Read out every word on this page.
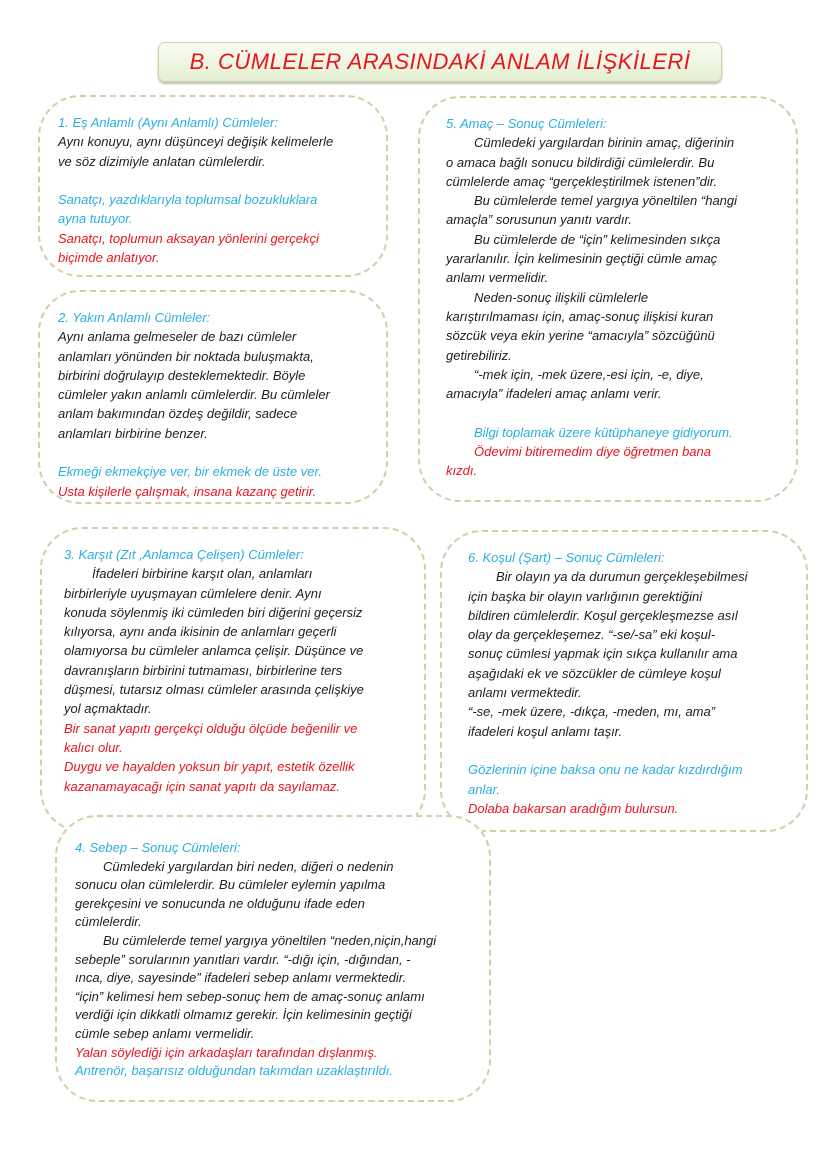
B. CÜMLELER ARASINDAKİ ANLAM İLİŞKİLERİ
1. Eş Anlamlı (Aynı Anlamlı) Cümleler:
Aynı konuyu, aynı düşünceyi değişik kelimelerle
ve söz dizimiyle anlatan cümlelerdir.
Sanatçı, yazdıklarıyla toplumsal bozukluklara
ayna tutuyor.
Sanatçı, toplumun aksayan yönlerini gerçekçi
biçimde anlatıyor.
2. Yakın Anlamlı Cümleler:
Aynı anlama gelmeseler de bazı cümleler
anlamları yönünden bir noktada buluşmakta,
birbirini doğrulayıp desteklemektedir. Böyle
cümleler yakın anlamlı cümlelerdir. Bu cümleler
anlam bakımından özdeş değildir, sadece
anlamları birbirine benzer.
Ekmeği ekmekçiye ver, bir ekmek de üste ver.
Usta kişilerle çalışmak, insana kazanç getirir.
5. Amaç – Sonuç Cümleleri:
Cümledeki yargılardan birinin amaç, diğerinin
o amaca bağlı sonucu bildirdiği cümlelerdir. Bu
cümlelerde amaç “gerçekleştirilmek istenen”dir.
Bu cümlelerde temel yargıya yöneltilen “hangi
amaçla” sorusunun yanıtı vardır.
Bu cümlelerde de “için” kelimesinden sıkça
yararlanılır. İçin kelimesinin geçtiği cümle amaç
anlamı vermelidir.
Neden-sonuç ilişkili cümlelerle
karıştırılmaması için, amaç-sonuç ilişkisi kuran
sözcük veya ekin yerine “amacıyla” sözcüğünü
getirebiliriz.
“-mek için, -mek üzere,-esi için, -e, diye,
amacıyla” ifadeleri amaç anlamı verir.
Bilgi toplamak üzere kütüphaneye gidiyorum.
Ödevimi bitiremedim diye öğretmen bana
kızdı.
3. Karşıt (Zıt ,Anlamca Çelişen) Cümleler:
İfadeleri birbirine karşıt olan, anlamları
birbirleriyle uyuşmayan cümlelere denir. Aynı
konuda söylenmiş iki cümleden biri diğerini geçersiz
kılıyorsa, aynı anda ikisinin de anlamları geçerli
olamıyorsa bu cümleler anlamca çelişir. Düşünce ve
davranışların birbirini tutmaması, birbirlerine ters
düşmesi, tutarsız olması cümleler arasında çelişkiye
yol açmaktadır.
Bir sanat yapıtı gerçekçi olduğu ölçüde beğenilir ve
kalıcı olur.
Duygu ve hayalden yoksun bir yapıt, estetik özellik
kazanamayacağı için sanat yapıtı da sayılamaz.
6. Koşul (Şart) – Sonuç Cümleleri:
Bir olayın ya da durumun gerçekleşebilmesi
için başka bir olayın varlığının gerektiğini
bildiren cümlelerdir. Koşul gerçekleşmezse asıl
olay da gerçekleşemez. “-se/-sa” eki koşul-
sonuç cümlesi yapmak için sıkça kullanılır ama
aşağıdaki ek ve sözcükler de cümleye koşul
anlamı vermektedir.
“-se, -mek üzere, -dıkça, -meden, mı, ama”
ifadeleri koşul anlamı taşır.
Gözlerinin içine baksa onu ne kadar kızdırdığım
anlar.
Dolaba bakarsan aradığım bulursun.
4. Sebep – Sonuç Cümleleri:
Cümledeki yargılardan biri neden, diğeri o nedenin
sonucu olan cümlelerdir. Bu cümleler eylemin yapılma
gerekçesini ve sonucunda ne olduğunu ifade eden
cümlelerdir.
Bu cümlelerde temel yargıya yöneltilen “neden,niçin,hangi
sebeple” sorularının yanıtları vardır. “-dığı için, -dığından, -
ınca, diye, sayesinde” ifadeleri sebep anlamı vermektedir.
“için” kelimesi hem sebep-sonuç hem de amaç-sonuç anlamı
verdiği için dikkatli olmamız gerekir. İçin kelimesinin geçtiği
cümle sebep anlamı vermelidir.
Yalan söylediği için arkadaşları tarafından dışlanmış.
Antrenör, başarısız olduğundan takımdan uzaklaştırıldı.
